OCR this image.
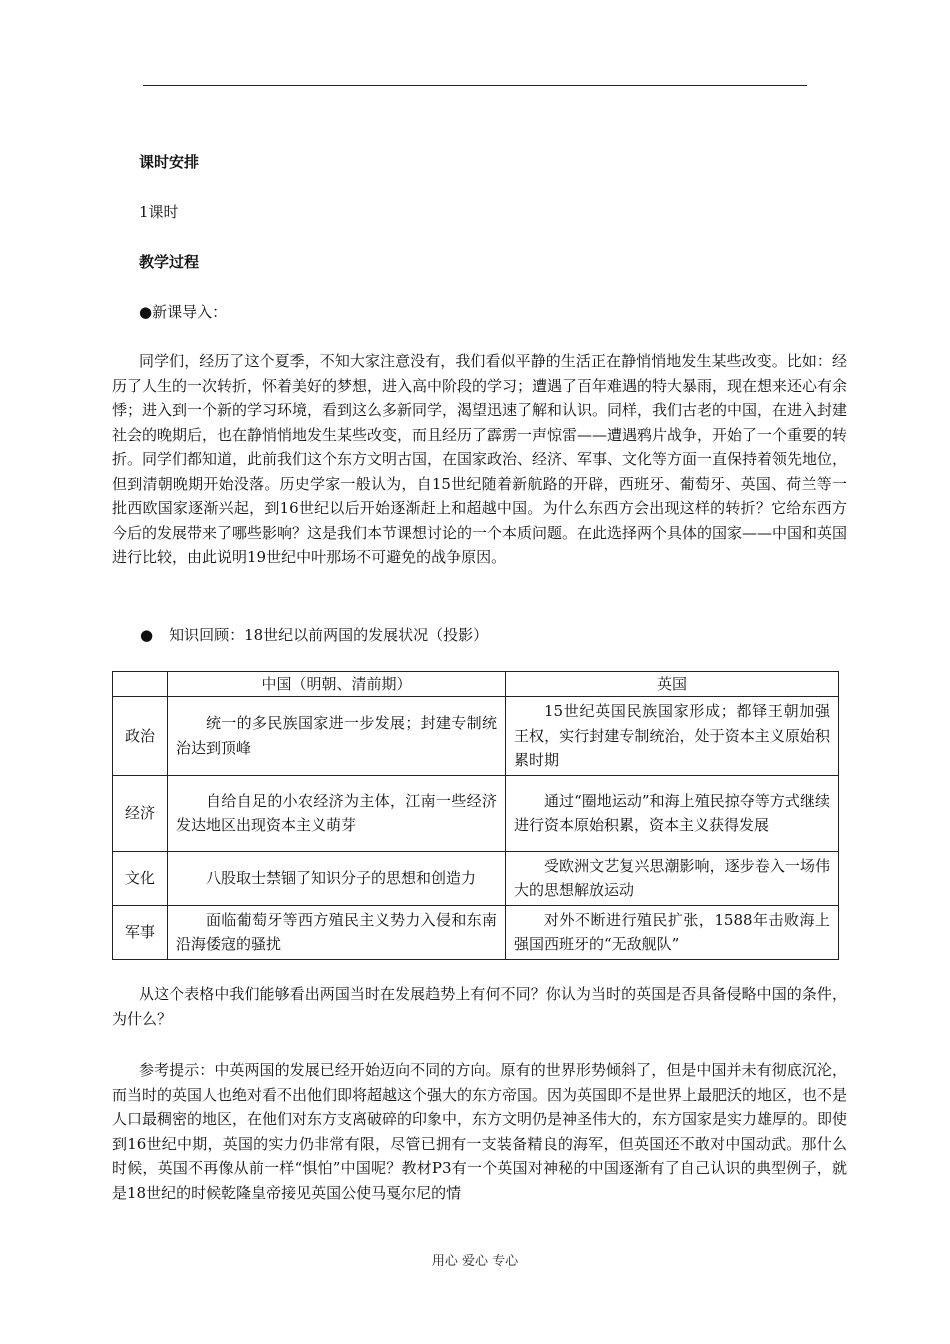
课时安排
1课时
教学过程
●新课导入：
同学们，经历了这个夏季，不知大家注意没有，我们看似平静的生活正在静悄悄地发生某些改变。比如：经历了人生的一次转折，怀着美好的梦想，进入高中阶段的学习；遭遇了百年难遇的特大暴雨，现在想来还心有余悸；进入到一个新的学习环境，看到这么多新同学，渴望迅速了解和认识。同样，我们古老的中国，在进入封建社会的晚期后，也在静悄悄地发生某些改变，而且经历了霹雳一声惊雷——遭遇鸦片战争，开始了一个重要的转折。同学们都知道，此前我们这个东方文明古国，在国家政治、经济、军事、文化等方面一直保持着领先地位，但到清朝晚期开始没落。历史学家一般认为，自15世纪随着新航路的开辟，西班牙、葡萄牙、英国、荷兰等一批西欧国家逐渐兴起，到16世纪以后开始逐渐赶上和超越中国。为什么东西方会出现这样的转折？它给东西方今后的发展带来了哪些影响？这是我们本节课想讨论的一个本质问题。在此选择两个具体的国家——中国和英国进行比较，由此说明19世纪中叶那场不可避免的战争原因。
● 知识回顾：18世纪以前两国的发展状况（投影）
	中国（明朝、清前期）	英国
政治	统一的多民族国家进一步发展；封建专制统治达到顶峰	15世纪英国民族国家形成；都铎王朝加强王权，实行封建专制统治，处于资本主义原始积累时期
经济	自给自足的小农经济为主体，江南一些经济发达地区出现资本主义萌芽	通过“圈地运动”和海上殖民掠夺等方式继续进行资本原始积累，资本主义获得发展
文化	八股取士禁锢了知识分子的思想和创造力	受欧洲文艺复兴思潮影响，逐步卷入一场伟大的思想解放运动
军事	面临葡萄牙等西方殖民主义势力入侵和东南沿海倭寇的骚扰	对外不断进行殖民扩张，1588年击败海上强国西班牙的“无敌舰队”
从这个表格中我们能够看出两国当时在发展趋势上有何不同？你认为当时的英国是否具备侵略中国的条件，为什么？
参考提示：中英两国的发展已经开始迈向不同的方向。原有的世界形势倾斜了，但是中国并未有彻底沉沦，而当时的英国人也绝对看不出他们即将超越这个强大的东方帝国。因为英国即不是世界上最肥沃的地区，也不是人口最稠密的地区，在他们对东方支离破碎的印象中，东方文明仍是神圣伟大的，东方国家是实力雄厚的。即使到16世纪中期，英国的实力仍非常有限，尽管已拥有一支装备精良的海军，但英国还不敢对中国动武。那什么时候，英国不再像从前一样“惧怕”中国呢？教材P3有一个英国对神秘的中国逐渐有了自己认识的典型例子，就是18世纪的时候乾隆皇帝接见英国公使马戛尔尼的情
用心 爱心 专心
